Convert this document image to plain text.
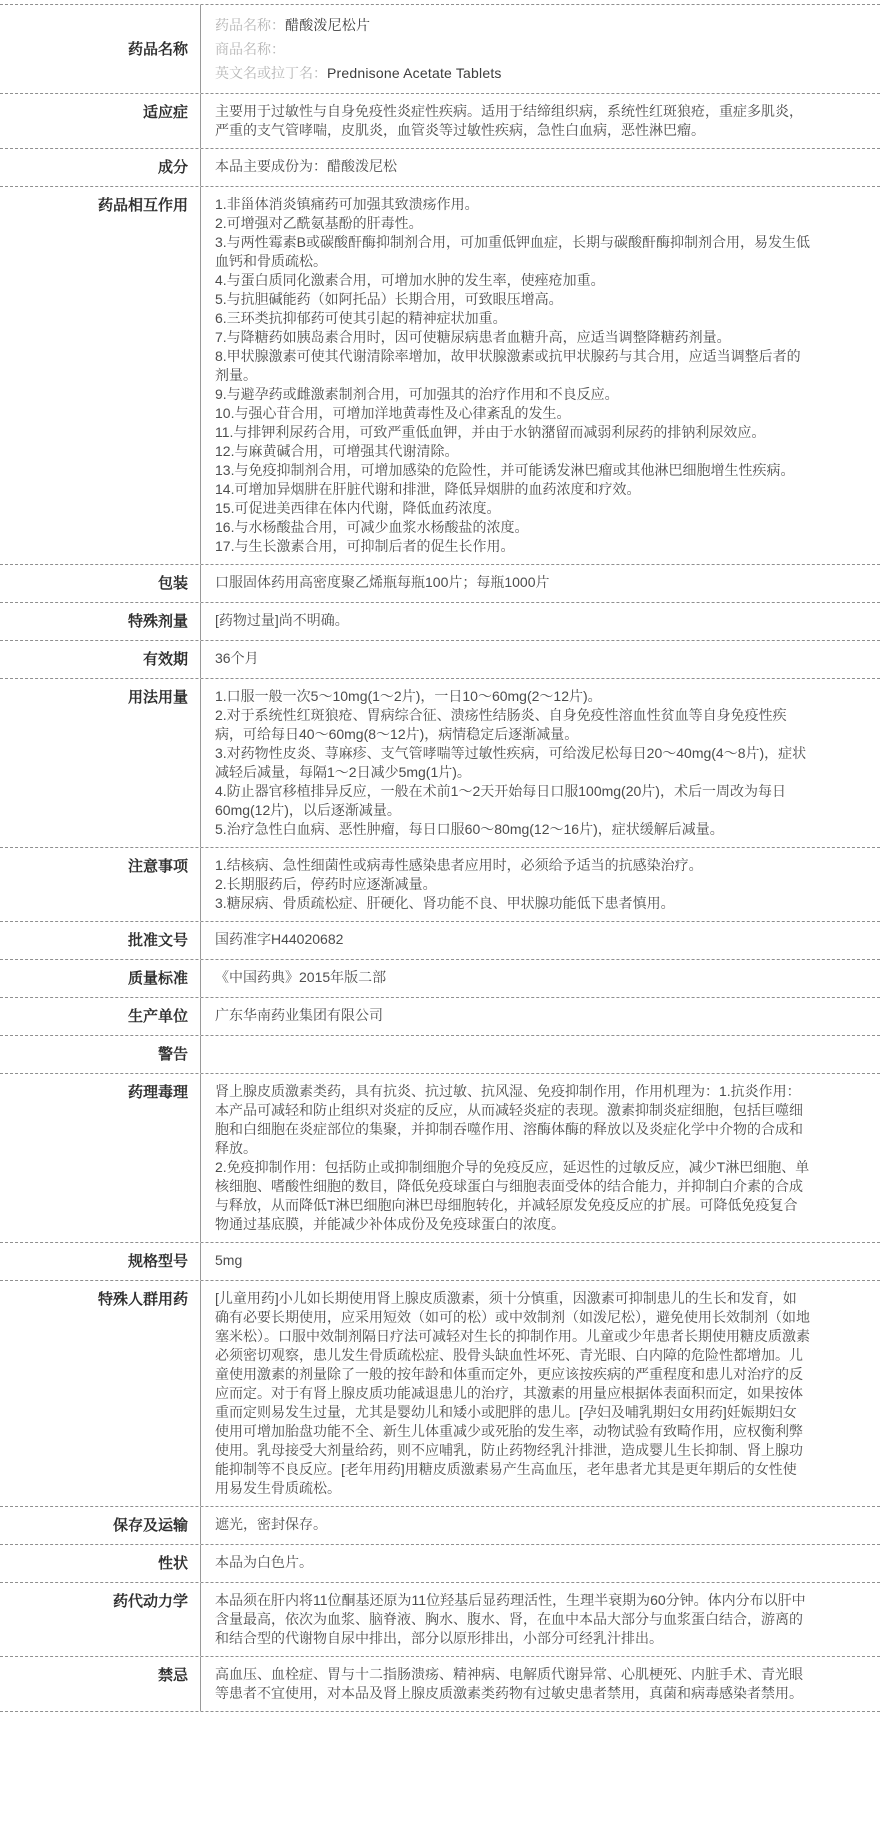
药品名称

药品名称：醋酸泼尼松片

商品名称：

英文名或拉丁名：Prednisone Acetate Tablets

适应症 主要用于过敏性与自身免疫性炎症性疾病。适用于结缔组织病，系统性红斑狼疮，重症多肌炎，严重的支气管哮喘，皮肌炎，血管炎等过敏性疾病，急性白血病，恶性淋巴瘤。

成分 本品主要成份为：醋酸泼尼松

药品相互作用 1.非甾体消炎镇痛药可加强其致溃疡作用。

2.可增强对乙酰氨基酚的肝毒性。

3.与两性霉素B或碳酸酐酶抑制剂合用，可加重低钾血症，长期与碳酸酐酶抑制剂合用，易发生低血钙和骨质疏松。

4.与蛋白质同化激素合用，可增加水肿的发生率，使痤疮加重。

5.与抗胆碱能药（如阿托品）长期合用，可致眼压增高。

6.三环类抗抑郁药可使其引起的精神症状加重。

7.与降糖药如胰岛素合用时，因可使糖尿病患者血糖升高，应适当调整降糖药剂量。

8.甲状腺激素可使其代谢清除率增加，故甲状腺激素或抗甲状腺药与其合用，应适当调整后者的剂量。

9.与避孕药或雌激素制剂合用，可加强其的治疗作用和不良反应。

10.与强心苷合用，可增加洋地黄毒性及心律紊乱的发生。

11.与排钾利尿药合用，可致严重低血钾，并由于水钠潴留而减弱利尿药的排钠利尿效应。

12.与麻黄碱合用，可增强其代谢清除。

13.与免疫抑制剂合用，可增加感染的危险性，并可能诱发淋巴瘤或其他淋巴细胞增生性疾病。

14.可增加异烟肼在肝脏代谢和排泄，降低异烟肼的血药浓度和疗效。

15.可促进美西律在体内代谢，降低血药浓度。

16.与水杨酸盐合用，可减少血浆水杨酸盐的浓度。

17.与生长激素合用，可抑制后者的促生长作用。

包装 口服固体药用高密度聚乙烯瓶每瓶100片；每瓶1000片

特殊剂量 [药物过量]尚不明确。

有效期 36个月

用法用量 1.口服一般一次5～10mg(1～2片)，一日10～60mg(2～12片)。

2.对于系统性红斑狼疮、胃病综合征、溃疡性结肠炎、自身免疫性溶血性贫血等自身免疫性疾病，可给每日40～60mg(8～12片)，病情稳定后逐渐减量。

3.对药物性皮炎、荨麻疹、支气管哮喘等过敏性疾病，可给泼尼松每日20～40mg(4～8片)，症状减轻后减量，每隔1～2日减少5mg(1片)。

4.防止器官移植排异反应，一般在术前1～2天开始每日口服100mg(20片)，术后一周改为每日60mg(12片)，以后逐渐减量。

5.治疗急性白血病、恶性肿瘤，每日口服60～80mg(12～16片)，症状缓解后减量。

注意事项 1.结核病、急性细菌性或病毒性感染患者应用时，必须给予适当的抗感染治疗。

2.长期服药后，停药时应逐渐减量。

3.糖尿病、骨质疏松症、肝硬化、肾功能不良、甲状腺功能低下患者慎用。

批准文号 国药准字H44020682

质量标准 《中国药典》2015年版二部

生产单位 广东华南药业集团有限公司

警告
药理毒理 肾上腺皮质激素类药，具有抗炎、抗过敏、抗风湿、免疫抑制作用，作用机理为：1.抗炎作用：本产品可减轻和防止组织对炎症的反应，从而减轻炎症的表现。激素抑制炎症细胞，包括巨噬细胞和白细胞在炎症部位的集聚，并抑制吞噬作用、溶酶体酶的释放以及炎症化学中介物的合成和释放。

2.免疫抑制作用：包括防止或抑制细胞介导的免疫反应，延迟性的过敏反应，减少T淋巴细胞、单核细胞、嗜酸性细胞的数目，降低免疫球蛋白与细胞表面受体的结合能力，并抑制白介素的合成与释放，从而降低T淋巴细胞向淋巴母细胞转化，并减轻原发免疫反应的扩展。可降低免疫复合物通过基底膜，并能减少补体成份及免疫球蛋白的浓度。

规格型号 5mg

特殊人群用药 [儿童用药]小儿如长期使用肾上腺皮质激素，须十分慎重，因激素可抑制患儿的生长和发育，如确有必要长期使用，应采用短效（如可的松）或中效制剂（如泼尼松），避免使用长效制剂（如地塞米松）。口服中效制剂隔日疗法可减轻对生长的抑制作用。儿童或少年患者长期使用糖皮质激素必须密切观察，患儿发生骨质疏松症、股骨头缺血性坏死、青光眼、白内障的危险性都增加。儿童使用激素的剂量除了一般的按年龄和体重而定外，更应该按疾病的严重程度和患儿对治疗的反应而定。对于有肾上腺皮质功能减退患儿的治疗，其激素的用量应根据体表面积而定，如果按体重而定则易发生过量，尤其是婴幼儿和矮小或肥胖的患儿。[孕妇及哺乳期妇女用药]妊娠期妇女使用可增加胎盘功能不全、新生儿体重减少或死胎的发生率，动物试验有致畸作用，应权衡利弊使用。乳母接受大剂量给药，则不应哺乳，防止药物经乳汁排泄，造成婴儿生长抑制、肾上腺功能抑制等不良反应。[老年用药]用糖皮质激素易产生高血压，老年患者尤其是更年期后的女性使用易发生骨质疏松。

保存及运输 遮光，密封保存。

性状 本品为白色片。

药代动力学 本品须在肝内将11位酮基还原为11位羟基后显药理活性，生理半衰期为60分钟。体内分布以肝中含量最高，依次为血浆、脑脊液、胸水、腹水、肾，在血中本品大部分与血浆蛋白结合，游离的和结合型的代谢物自尿中排出，部分以原形排出，小部分可经乳汁排出。

禁忌 高血压、血栓症、胃与十二指肠溃疡、精神病、电解质代谢异常、心肌梗死、内脏手术、青光眼等患者不宜使用，对本品及肾上腺皮质激素类药物有过敏史患者禁用，真菌和病毒感染者禁用。
